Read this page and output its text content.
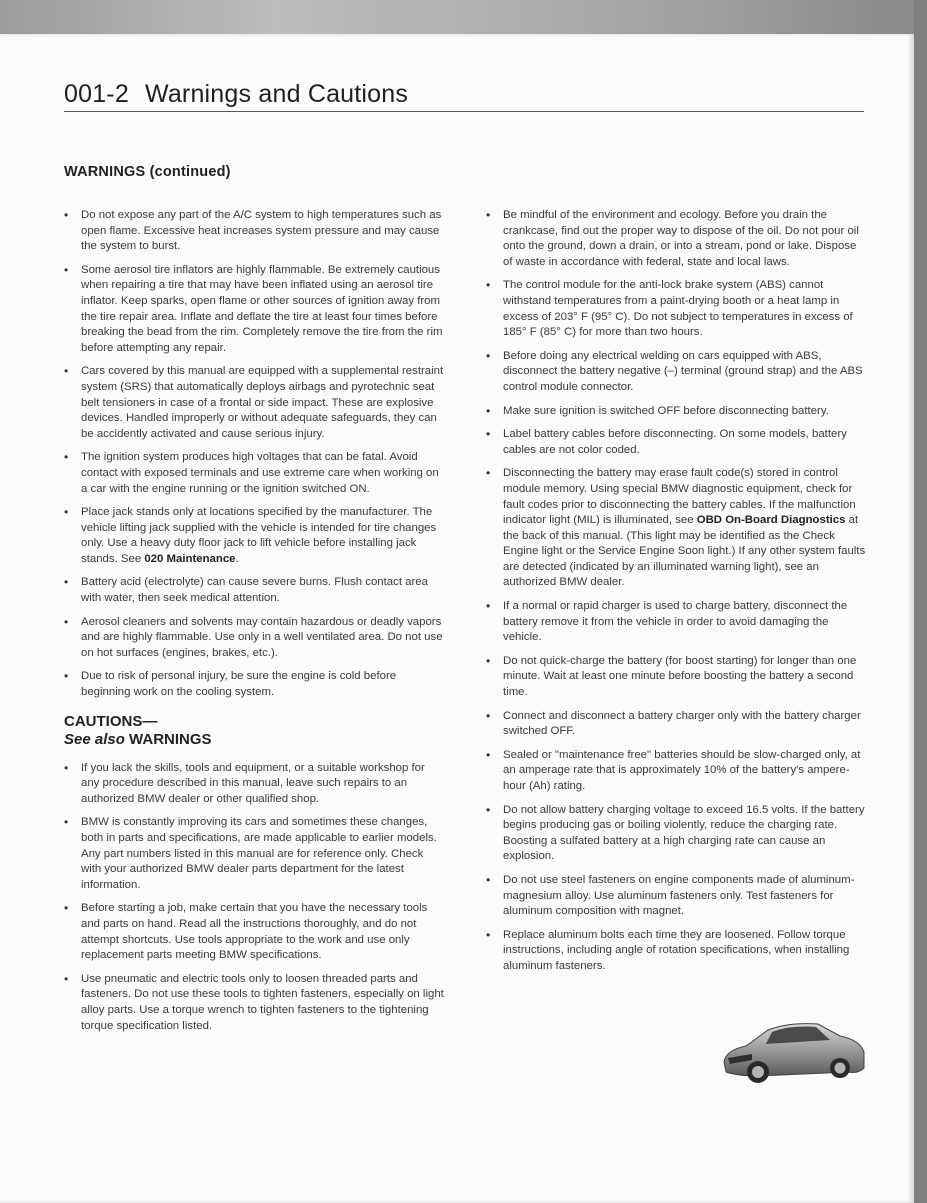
001-2 Warnings and Cautions
WARNINGS (continued)
• Do not expose any part of the A/C system to high temperatures such as open flame. Excessive heat increases system pressure and may cause the system to burst.
• Some aerosol tire inflators are highly flammable. Be extremely cautious when repairing a tire that may have been inflated using an aerosol tire inflator. Keep sparks, open flame or other sources of ignition away from the tire repair area. Inflate and deflate the tire at least four times before breaking the bead from the rim. Completely remove the tire from the rim before attempting any repair.
• Cars covered by this manual are equipped with a supplemental restraint system (SRS) that automatically deploys airbags and pyrotechnic seat belt tensioners in case of a frontal or side impact. These are explosive devices. Handled improperly or without adequate safeguards, they can be accidently activated and cause serious injury.
• The ignition system produces high voltages that can be fatal. Avoid contact with exposed terminals and use extreme care when working on a car with the engine running or the ignition switched ON.
• Place jack stands only at locations specified by the manufacturer. The vehicle lifting jack supplied with the vehicle is intended for tire changes only. Use a heavy duty floor jack to lift vehicle before installing jack stands. See 020 Maintenance.
• Battery acid (electrolyte) can cause severe burns. Flush contact area with water, then seek medical attention.
• Aerosol cleaners and solvents may contain hazardous or deadly vapors and are highly flammable. Use only in a well ventilated area. Do not use on hot surfaces (engines, brakes, etc.).
• Due to risk of personal injury, be sure the engine is cold before beginning work on the cooling system.
CAUTIONS—
See also WARNINGS
• If you lack the skills, tools and equipment, or a suitable workshop for any procedure described in this manual, leave such repairs to an authorized BMW dealer or other qualified shop.
• BMW is constantly improving its cars and sometimes these changes, both in parts and specifications, are made applicable to earlier models. Any part numbers listed in this manual are for reference only. Check with your authorized BMW dealer parts department for the latest information.
• Before starting a job, make certain that you have the necessary tools and parts on hand. Read all the instructions thoroughly, and do not attempt shortcuts. Use tools appropriate to the work and use only replacement parts meeting BMW specifications.
• Use pneumatic and electric tools only to loosen threaded parts and fasteners. Do not use these tools to tighten fasteners, especially on light alloy parts. Use a torque wrench to tighten fasteners to the tightening torque specification listed.
• Be mindful of the environment and ecology. Before you drain the crankcase, find out the proper way to dispose of the oil. Do not pour oil onto the ground, down a drain, or into a stream, pond or lake. Dispose of waste in accordance with federal, state and local laws.
• The control module for the anti-lock brake system (ABS) cannot withstand temperatures from a paint-drying booth or a heat lamp in excess of 203° F (95° C). Do not subject to temperatures in excess of 185° F (85° C) for more than two hours.
• Before doing any electrical welding on cars equipped with ABS, disconnect the battery negative (–) terminal (ground strap) and the ABS control module connector.
• Make sure ignition is switched OFF before disconnecting battery.
• Label battery cables before disconnecting. On some models, battery cables are not color coded.
• Disconnecting the battery may erase fault code(s) stored in control module memory. Using special BMW diagnostic equipment, check for fault codes prior to disconnecting the battery cables. If the malfunction indicator light (MIL) is illuminated, see OBD On-Board Diagnostics at the back of this manual. (This light may be identified as the Check Engine light or the Service Engine Soon light.) If any other system faults are detected (indicated by an illuminated warning light), see an authorized BMW dealer.
• If a normal or rapid charger is used to charge battery, disconnect the battery remove it from the vehicle in order to avoid damaging the vehicle.
• Do not quick-charge the battery (for boost starting) for longer than one minute. Wait at least one minute before boosting the battery a second time.
• Connect and disconnect a battery charger only with the battery charger switched OFF.
• Sealed or "maintenance free" batteries should be slow-charged only, at an amperage rate that is approximately 10% of the battery's ampere-hour (Ah) rating.
• Do not allow battery charging voltage to exceed 16.5 volts. If the battery begins producing gas or boiling violently, reduce the charging rate. Boosting a sulfated battery at a high charging rate can cause an explosion.
• Do not use steel fasteners on engine components made of aluminum-magnesium alloy. Use aluminum fasteners only. Test fasteners for aluminum composition with magnet.
• Replace aluminum bolts each time they are loosened. Follow torque instructions, including angle of rotation specifications, when installing aluminum fasteners.
